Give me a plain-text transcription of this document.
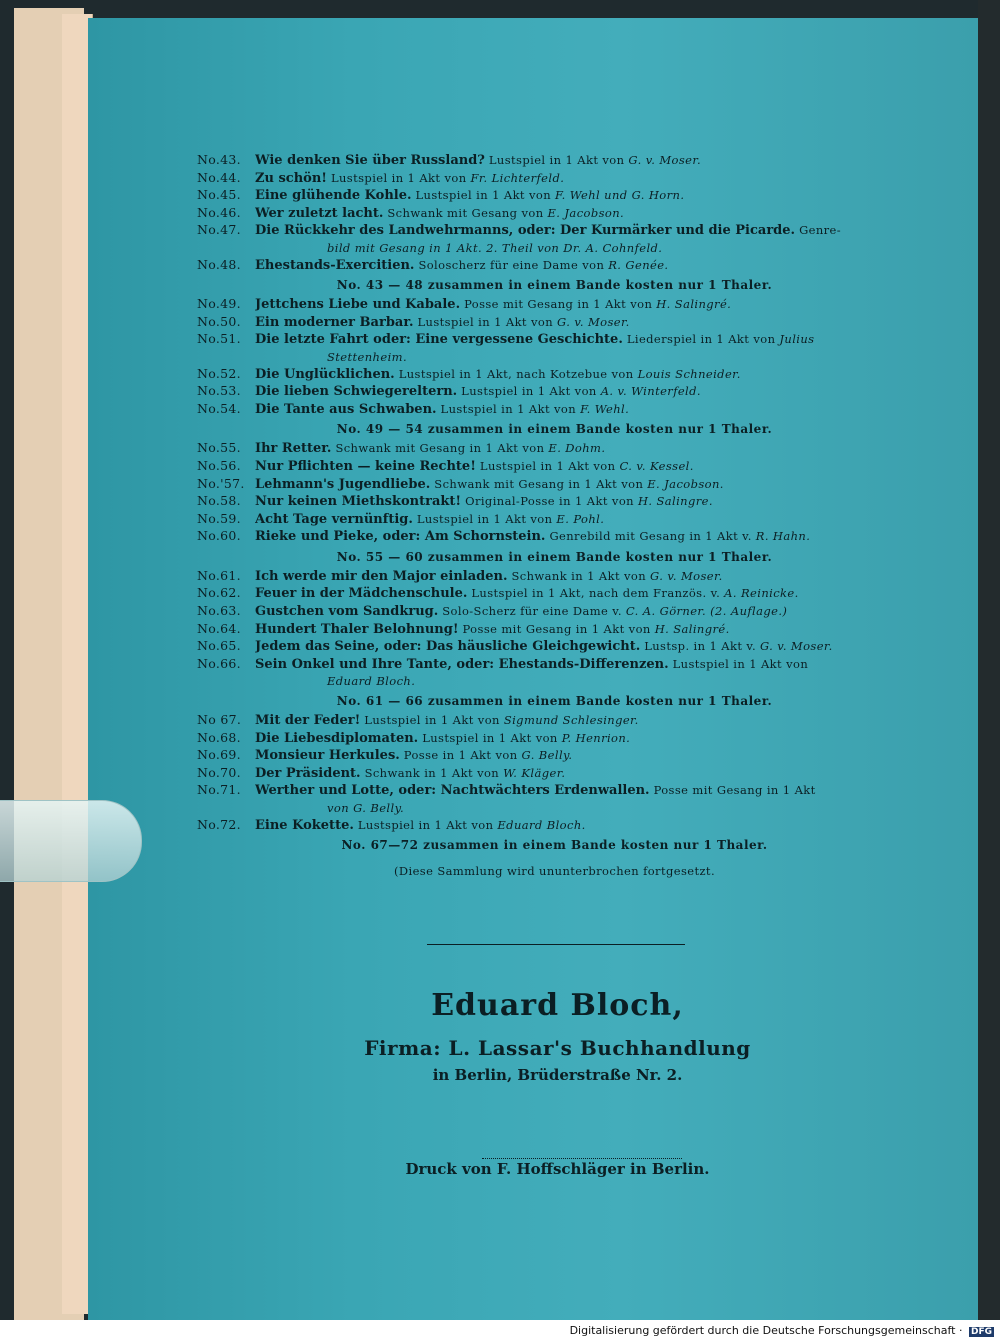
No.43.	Wie denken Sie über Russland? Lustspiel in 1 Akt von G. v. Moser.
No.44.	Zu schön! Lustspiel in 1 Akt von Fr. Lichterfeld.
No.45.	Eine glühende Kohle. Lustspiel in 1 Akt von F. Wehl und G. Horn.
No.46.	Wer zuletzt lacht. Schwank mit Gesang von E. Jacobson.
No.47.	Die Rückkehr des Landwehrmanns, oder: Der Kurmärker und die Picarde. Genre-
bild mit Gesang in 1 Akt. 2. Theil von Dr. A. Cohnfeld.
No.48.	Ehestands-Exercitien. Soloscherz für eine Dame von R. Genée.
No. 43 — 48 zusammen in einem Bande kosten nur 1 Thaler.
No.49.	Jettchens Liebe und Kabale. Posse mit Gesang in 1 Akt von H. Salingré.
No.50.	Ein moderner Barbar. Lustspiel in 1 Akt von G. v. Moser.
No.51.	Die letzte Fahrt oder: Eine vergessene Geschichte. Liederspiel in 1 Akt von Julius
Stettenheim.
No.52.	Die Unglücklichen. Lustspiel in 1 Akt, nach Kotzebue von Louis Schneider.
No.53.	Die lieben Schwiegereltern. Lustspiel in 1 Akt von A. v. Winterfeld.
No.54.	Die Tante aus Schwaben. Lustspiel in 1 Akt von F. Wehl.
No. 49 — 54 zusammen in einem Bande kosten nur 1 Thaler.
No.55.	Ihr Retter. Schwank mit Gesang in 1 Akt von E. Dohm.
No.56.	Nur Pflichten — keine Rechte! Lustspiel in 1 Akt von C. v. Kessel.
No.'57. Lehmann's Jugendliebe. Schwank mit Gesang in 1 Akt von E. Jacobson.
No.58.	Nur keinen Miethskontrakt! Original-Posse in 1 Akt von H. Salingre.
No.59.	Acht Tage vernünftig. Lustspiel in 1 Akt von E. Pohl.
No.60.	Rieke und Pieke, oder: Am Schornstein. Genrebild mit Gesang in 1 Akt v. R. Hahn.
No. 55 — 60 zusammen in einem Bande kosten nur 1 Thaler.
No.61.	Ich werde mir den Major einladen. Schwank in 1 Akt von G. v. Moser.
No.62.	Feuer in der Mädchenschule. Lustspiel in 1 Akt, nach dem Französ. v. A. Reinicke.
No.63.	Gustchen vom Sandkrug. Solo-Scherz für eine Dame v. C. A. Görner. (2. Auflage.)
No.64.	Hundert Thaler Belohnung! Posse mit Gesang in 1 Akt von H. Salingré.
No.65.	Jedem das Seine, oder: Das häusliche Gleichgewicht. Lustsp. in 1 Akt v. G. v. Moser.
No.66.	Sein Onkel und Ihre Tante, oder: Ehestands-Differenzen. Lustspiel in 1 Akt von
Eduard Bloch.
No. 61 — 66 zusammen in einem Bande kosten nur 1 Thaler.
No 67.	Mit der Feder! Lustspiel in 1 Akt von Sigmund Schlesinger.
No.68.	Die Liebesdiplomaten. Lustspiel in 1 Akt von P. Henrion.
No.69.	Monsieur Herkules. Posse in 1 Akt von G. Belly.
No.70.	Der Präsident. Schwank in 1 Akt von W. Kläger.
No.71.	Werther und Lotte, oder: Nachtwächters Erdenwallen. Posse mit Gesang in 1 Akt
von G. Belly.
No.72.	Eine Kokette. Lustspiel in 1 Akt von Eduard Bloch.
No. 67—72 zusammen in einem Bande kosten nur 1 Thaler.
(Diese Sammlung wird ununterbrochen fortgesetzt.
Eduard Bloch,
Firma: L. Lassar's Buchhandlung
in Berlin, Brüderstraße Nr. 2.
Druck von F. Hoffschläger in Berlin.
Digitalisierung gefördert durch die Deutsche Forschungsgemeinschaft · DFG
